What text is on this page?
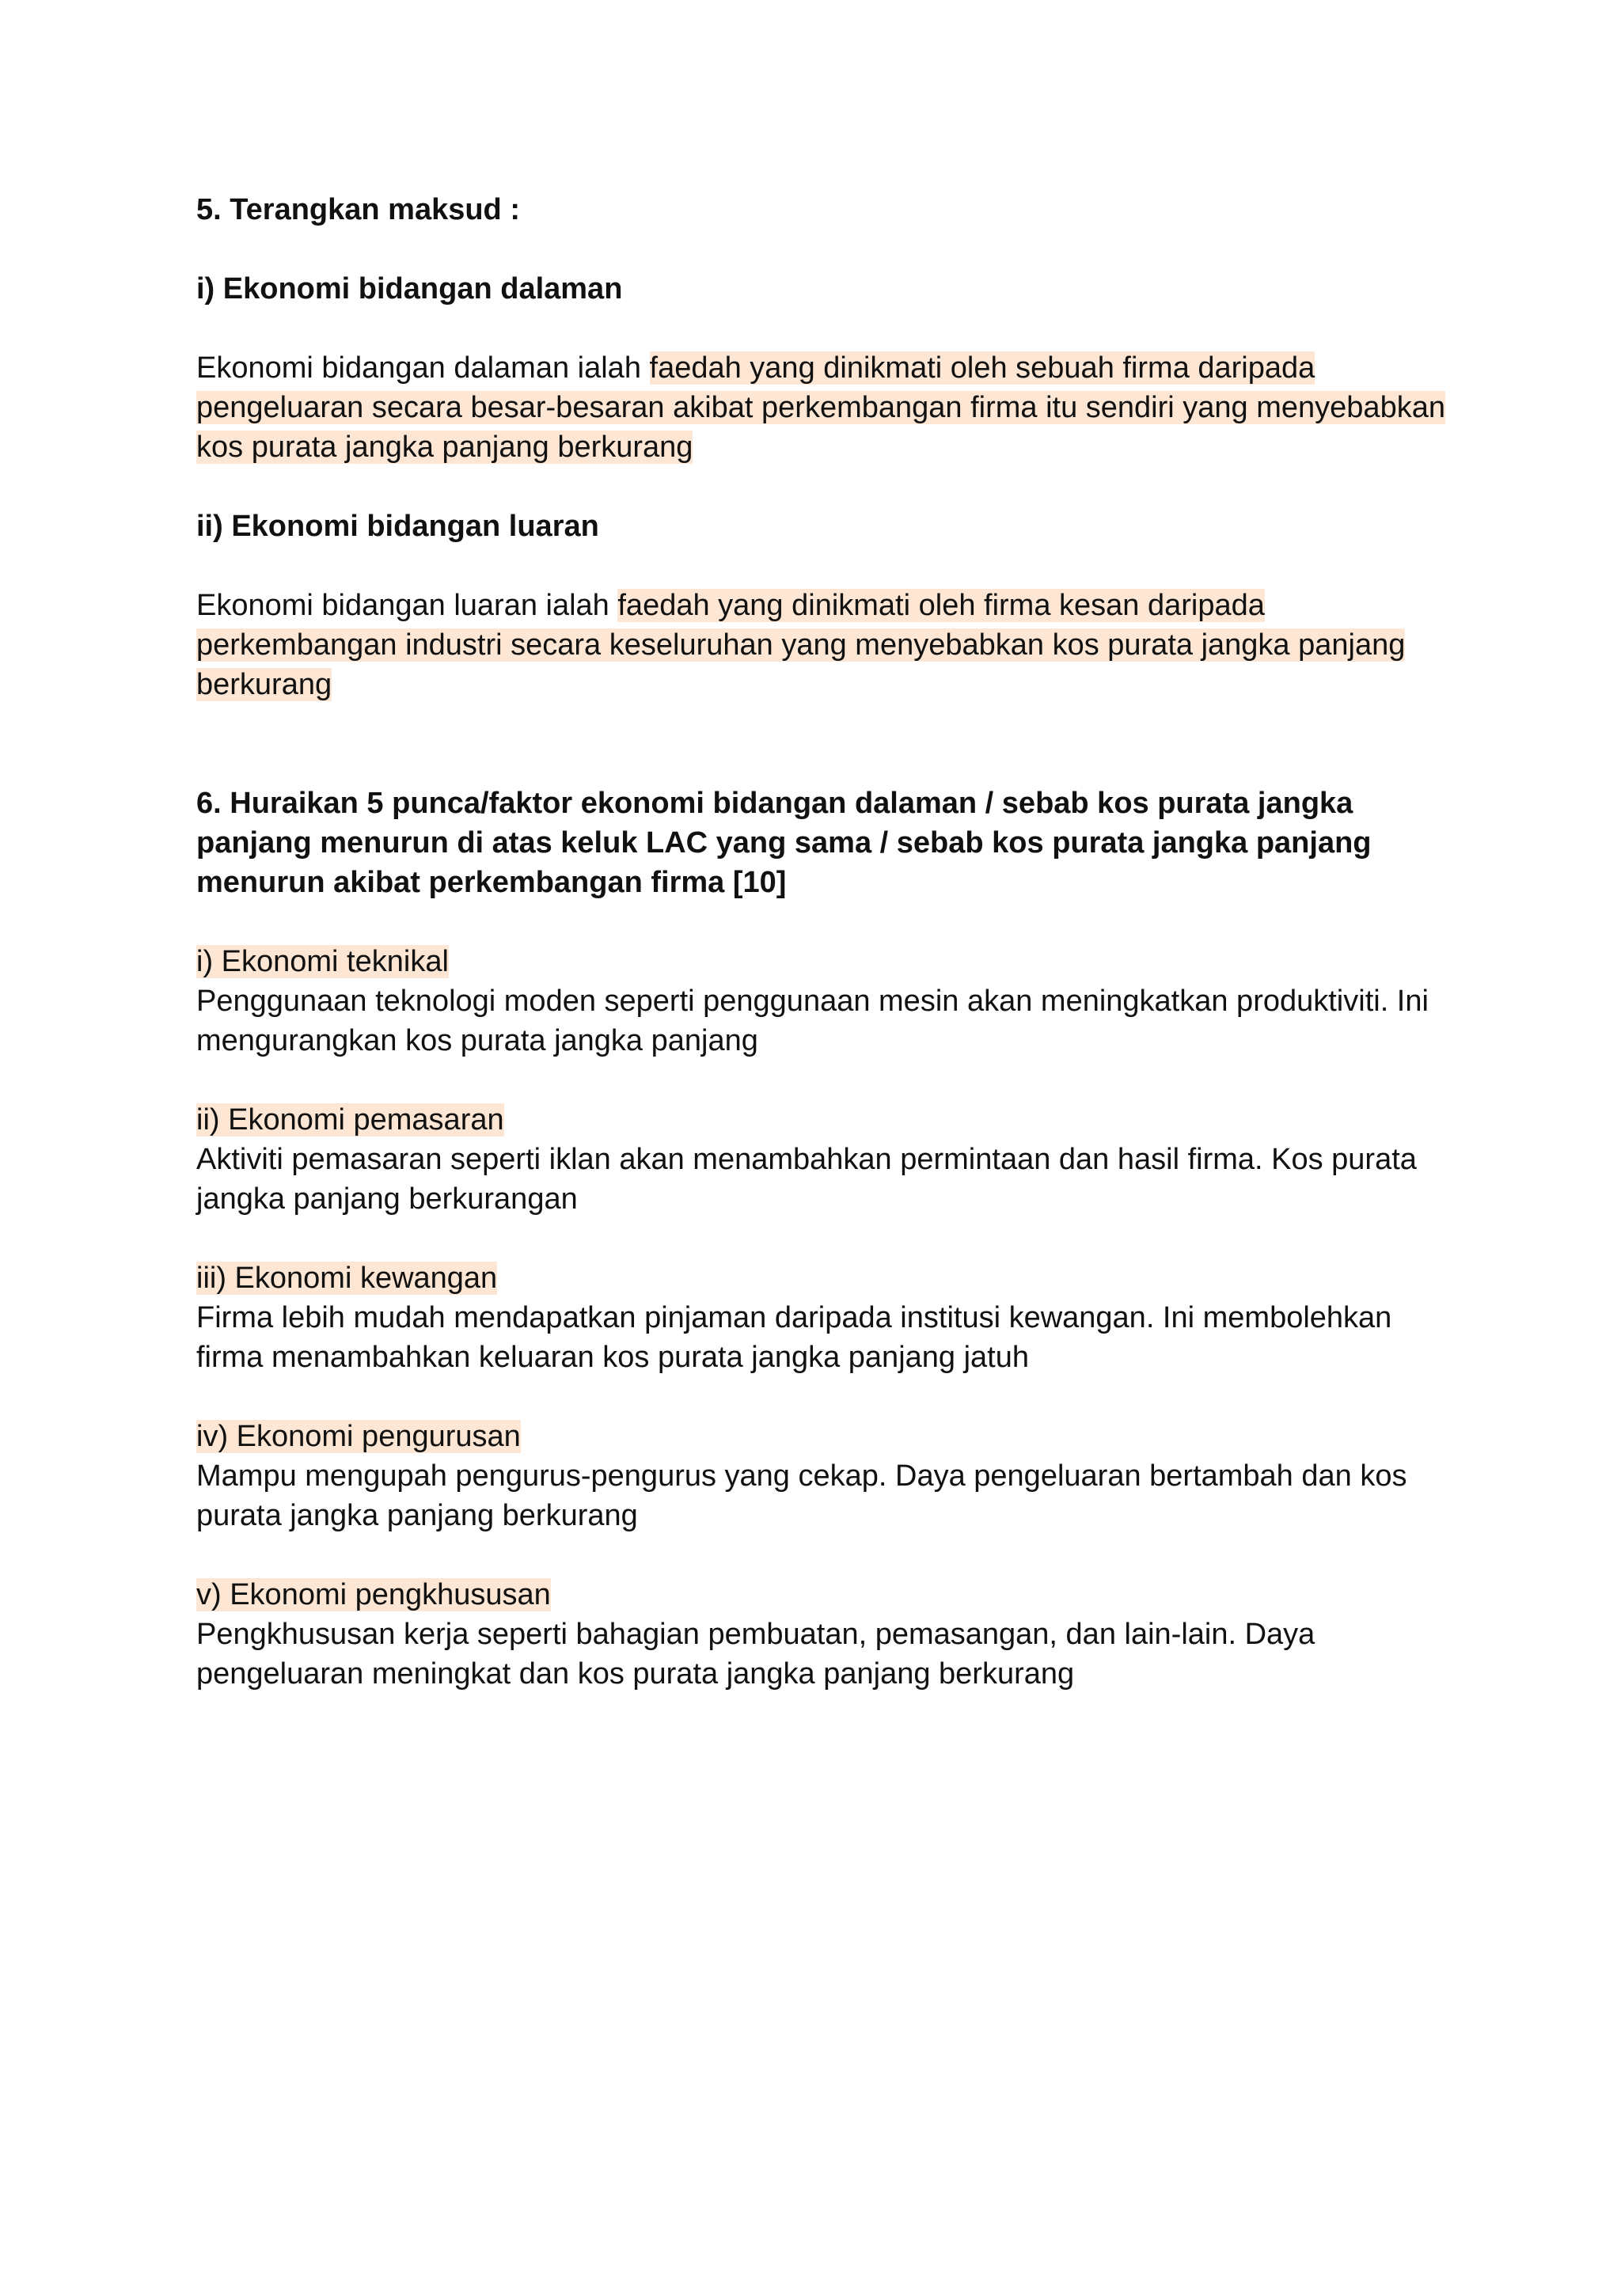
5. Terangkan maksud :

i) Ekonomi bidangan dalaman

Ekonomi bidangan dalaman ialah faedah yang dinikmati oleh sebuah firma daripada pengeluaran secara besar-besaran akibat perkembangan firma itu sendiri yang menyebabkan kos purata jangka panjang berkurang

ii) Ekonomi bidangan luaran

Ekonomi bidangan luaran ialah faedah yang dinikmati oleh firma kesan daripada perkembangan industri secara keseluruhan yang menyebabkan kos purata jangka panjang berkurang

6. Huraikan 5 punca/faktor ekonomi bidangan dalaman / sebab kos purata jangka panjang menurun di atas keluk LAC yang sama / sebab kos purata jangka panjang menurun akibat perkembangan firma [10]

i) Ekonomi teknikal

Penggunaan teknologi moden seperti penggunaan mesin akan meningkatkan produktiviti. Ini mengurangkan kos purata jangka panjang

ii) Ekonomi pemasaran

Aktiviti pemasaran seperti iklan akan menambahkan permintaan dan hasil firma. Kos purata jangka panjang berkurangan

iii) Ekonomi kewangan

Firma lebih mudah mendapatkan pinjaman daripada institusi kewangan. Ini membolehkan firma menambahkan keluaran kos purata jangka panjang jatuh

iv) Ekonomi pengurusan

Mampu mengupah pengurus-pengurus yang cekap. Daya pengeluaran bertambah dan kos purata jangka panjang berkurang

v) Ekonomi pengkhususan

Pengkhususan kerja seperti bahagian pembuatan, pemasangan, dan lain-lain. Daya pengeluaran meningkat dan kos purata jangka panjang berkurang
